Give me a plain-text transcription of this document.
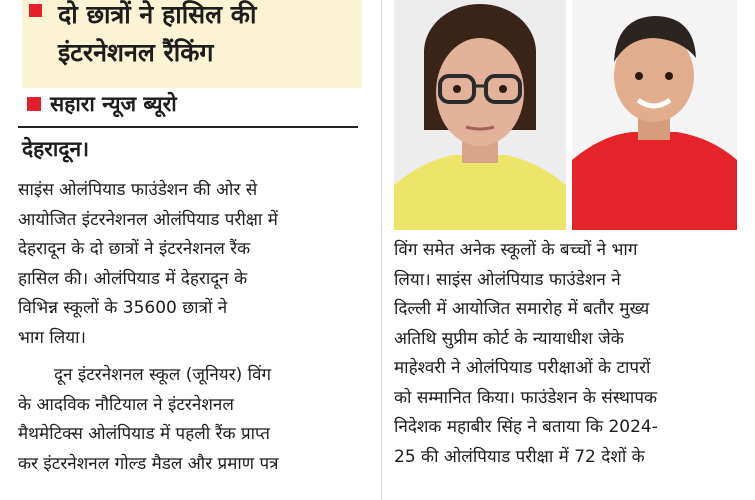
दो छात्रों ने हासिल की
इंटरनेशनल रैंकिंग
सहारा न्यूज ब्यूरो
देहरादून।
साइंस ओलंपियाड फाउंडेशन की ओर से
आयोजित इंटरनेशनल ओलंपियाड परीक्षा में
देहरादून के दो छात्रों ने इंटरनेशनल रैंक
हासिल की। ओलंपियाड में देहरादून के
विभिन्न स्कूलों के 35600 छात्रों ने
भाग लिया।
दून इंटरनेशनल स्कूल (जूनियर) विंग
के आदविक नौटियाल ने इंटरनेशनल
मैथमेटिक्स ओलंपियाड में पहली रैंक प्राप्त
कर इंटरनेशनल गोल्ड मैडल और प्रमाण पत्र
विंग समेत अनेक स्कूलों के बच्चों ने भाग
लिया। साइंस ओलंपियाड फाउंडेशन ने
दिल्ली में आयोजित समारोह में बतौर मुख्य
अतिथि सुप्रीम कोर्ट के न्यायाधीश जेके
माहेश्वरी ने ओलंपियाड परीक्षाओं के टापरों
को सम्मानित किया। फाउंडेशन के संस्थापक
निदेशक महाबीर सिंह ने बताया कि 2024-
25 की ओलंपियाड परीक्षा में 72 देशों के
